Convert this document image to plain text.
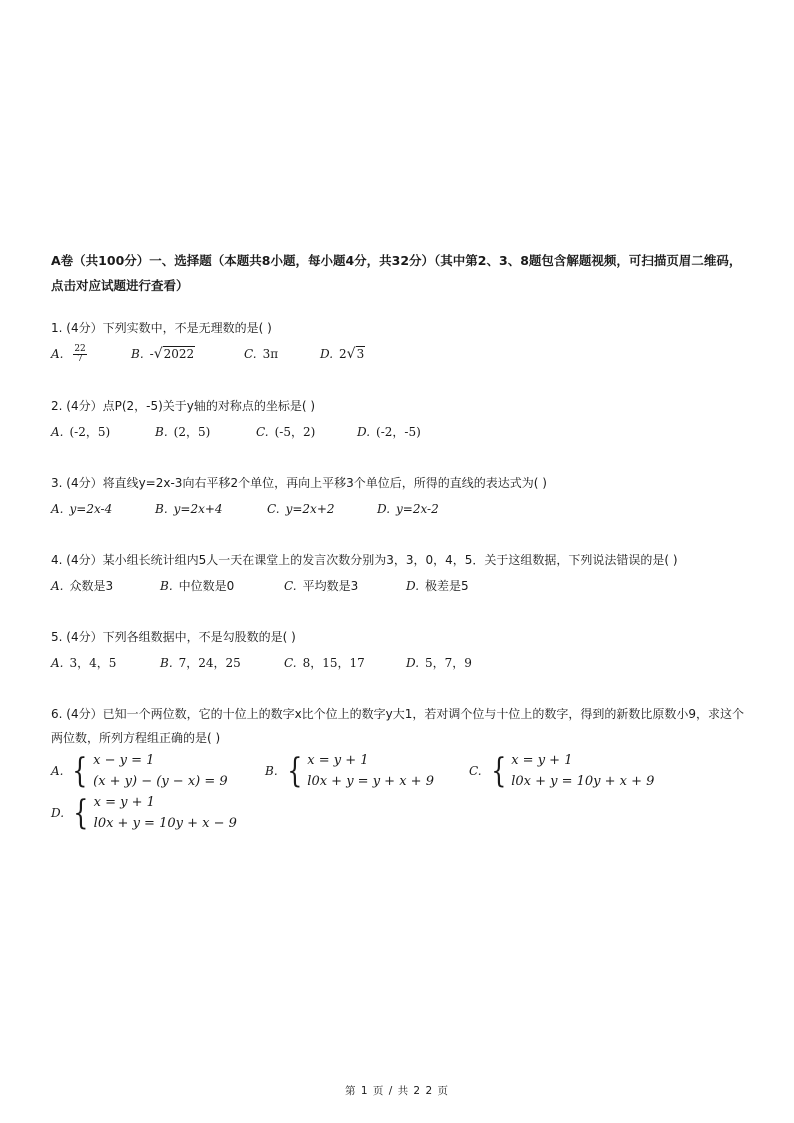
A卷（共100分）一、选择题（本题共8小题，每小题4分，共32分）（其中第2、3、8题包含解题视频，可扫描页眉二维码，点击对应试题进行查看）
1. (4分）下列实数中，不是无理数的是( )
A. $\frac{22}{7}$	B. -√2022	C. 3π	D. 2√3
2. (4分）点P(2，-5)关于y轴的对称点的坐标是( )
A. (-2，5)	B. (2，5)	C. (-5，2)	D. (-2，-5)
3. (4分）将直线y=2x-3向右平移2个单位，再向上平移3个单位后，所得的直线的表达式为( )
A. y=2x-4	B. y=2x+4	C. y=2x+2	D. y=2x-2
4. (4分）某小组长统计组内5人一天在课堂上的发言次数分别为3，3，0，4，5．关于这组数据，下列说法错误的是( )
A. 众数是3	B. 中位数是0	C. 平均数是3	D. 极差是5
5. (4分）下列各组数据中，不是勾股数的是( )
A. 3，4，5	B. 7，24，25	C. 8，15，17	D. 5，7，9
6. (4分）已知一个两位数，它的十位上的数字x比个位上的数字y大1，若对调个位与十位上的数字，得到的新数比原数小9，求这个两位数，所列方程组正确的是( )
A. { x − y = 1
(x + y) − (y − x) = 9
B. { x = y + 1
l0x + y = y + x + 9
C. { x = y + 1
l0x + y = 10y + x + 9
D. { x = y + 1
l0x + y = 10y + x − 9
第 1 页 / 共 2 2 页
